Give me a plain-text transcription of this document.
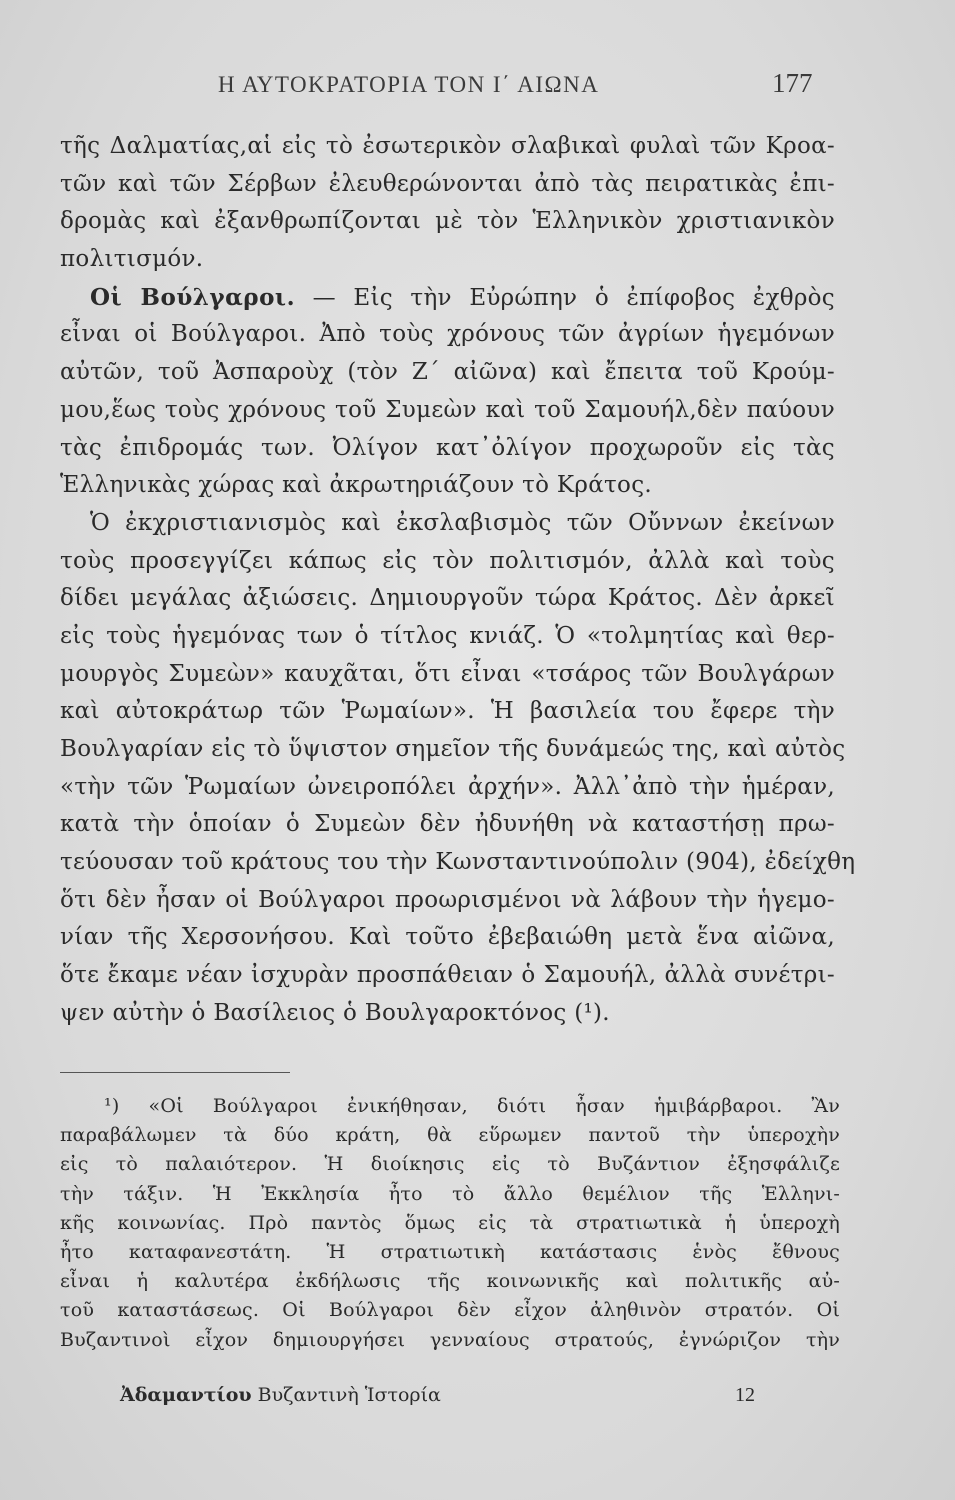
Η ΑΥΤΟΚΡΑΤΟΡΙΑ ΤΟΝ Ι΄ ΑΙΩΝΑ	177
τῆς Δαλματίας,αἱ εἰς τὸ ἐσωτερικὸν σλαβικαὶ φυλαὶ τῶν Κροα-
τῶν καὶ τῶν Σέρβων ἐλευθερώνονται ἀπὸ τὰς πειρατικὰς ἐπι-
δρομὰς καὶ ἐξανθρωπίζονται μὲ τὸν Ἑλληνικὸν χριστιανικὸν
πολιτισμόν.
Οἱ Βούλγαροι. — Εἰς τὴν Εὐρώπην ὁ ἐπίφοβος ἐχθρὸς
εἶναι οἱ Βούλγαροι. Ἀπὸ τοὺς χρόνους τῶν ἀγρίων ἡγεμόνων
αὐτῶν, τοῦ Ἀσπαροὺχ (τὸν Ζ΄ αἰῶνα) καὶ ἔπειτα τοῦ Κρούμ-
μου,ἕως τοὺς χρόνους τοῦ Συμεὼν καὶ τοῦ Σαμουήλ,δὲν παύουν
τὰς ἐπιδρομάς των. Ὀλίγον κατ᾽ὀλίγον προχωροῦν εἰς τὰς
Ἑλληνικὰς χώρας καὶ ἀκρωτηριάζουν τὸ Κράτος.
Ὁ ἐκχριστιανισμὸς καὶ ἐκσλαβισμὸς τῶν Οὔννων ἐκείνων
τοὺς προσεγγίζει κάπως εἰς τὸν πολιτισμόν, ἀλλὰ καὶ τοὺς
δίδει μεγάλας ἀξιώσεις. Δημιουργοῦν τώρα Κράτος. Δὲν ἀρκεῖ
εἰς τοὺς ἡγεμόνας των ὁ τίτλος κνιάζ. Ὁ «τολμητίας καὶ θερ-
μουργὸς Συμεὼν» καυχᾶται, ὅτι εἶναι «τσάρος τῶν Βουλγάρων
καὶ αὐτοκράτωρ τῶν Ῥωμαίων». Ἡ βασιλεία του ἔφερε τὴν
Βουλγαρίαν εἰς τὸ ὕψιστον σημεῖον τῆς δυνάμεώς της, καὶ αὐτὸς
«τὴν τῶν Ῥωμαίων ὠνειροπόλει ἀρχήν». Ἀλλ᾽ἀπὸ τὴν ἡμέραν,
κατὰ τὴν ὁποίαν ὁ Συμεὼν δὲν ἠδυνήθη νὰ καταστήσῃ πρω-
τεύουσαν τοῦ κράτους του τὴν Κωνσταντινούπολιν (904), ἐδείχθη
ὅτι δὲν ἦσαν οἱ Βούλγαροι προωρισμένοι νὰ λάβουν τὴν ἡγεμο-
νίαν τῆς Χερσονήσου. Καὶ τοῦτο ἐβεβαιώθη μετὰ ἕνα αἰῶνα,
ὅτε ἔκαμε νέαν ἰσχυρὰν προσπάθειαν ὁ Σαμουήλ, ἀλλὰ συνέτρι-
ψεν αὐτὴν ὁ Βασίλειος ὁ Βουλγαροκτόνος (¹).
¹) «Οἱ Βούλγαροι ἐνικήθησαν, διότι ἦσαν ἡμιβάρβαροι. Ἂν
παραβάλωμεν τὰ δύο κράτη, θὰ εὕρωμεν παντοῦ τὴν ὑπεροχὴν
εἰς τὸ παλαιότερον. Ἡ διοίκησις εἰς τὸ Βυζάντιον ἐξησφάλιζε
τὴν τάξιν. Ἡ Ἐκκλησία ἦτο τὸ ἄλλο θεμέλιον τῆς Ἑλληνι-
κῆς κοινωνίας. Πρὸ παντὸς ὅμως εἰς τὰ στρατιωτικὰ ἡ ὑπεροχὴ
ἦτο καταφανεστάτη. Ἡ στρατιωτικὴ κατάστασις ἑνὸς ἔθνους
εἶναι ἡ καλυτέρα ἐκδήλωσις τῆς κοινωνικῆς καὶ πολιτικῆς αὐ-
τοῦ καταστάσεως. Οἱ Βούλγαροι δὲν εἶχον ἀληθινὸν στρατόν. Οἱ
Βυζαντινοὶ εἶχον δημιουργήσει γενναίους στρατούς, ἐγνώριζον τὴν
Ἀδαμαντίου Βυζαντινὴ Ἱστορία	12
